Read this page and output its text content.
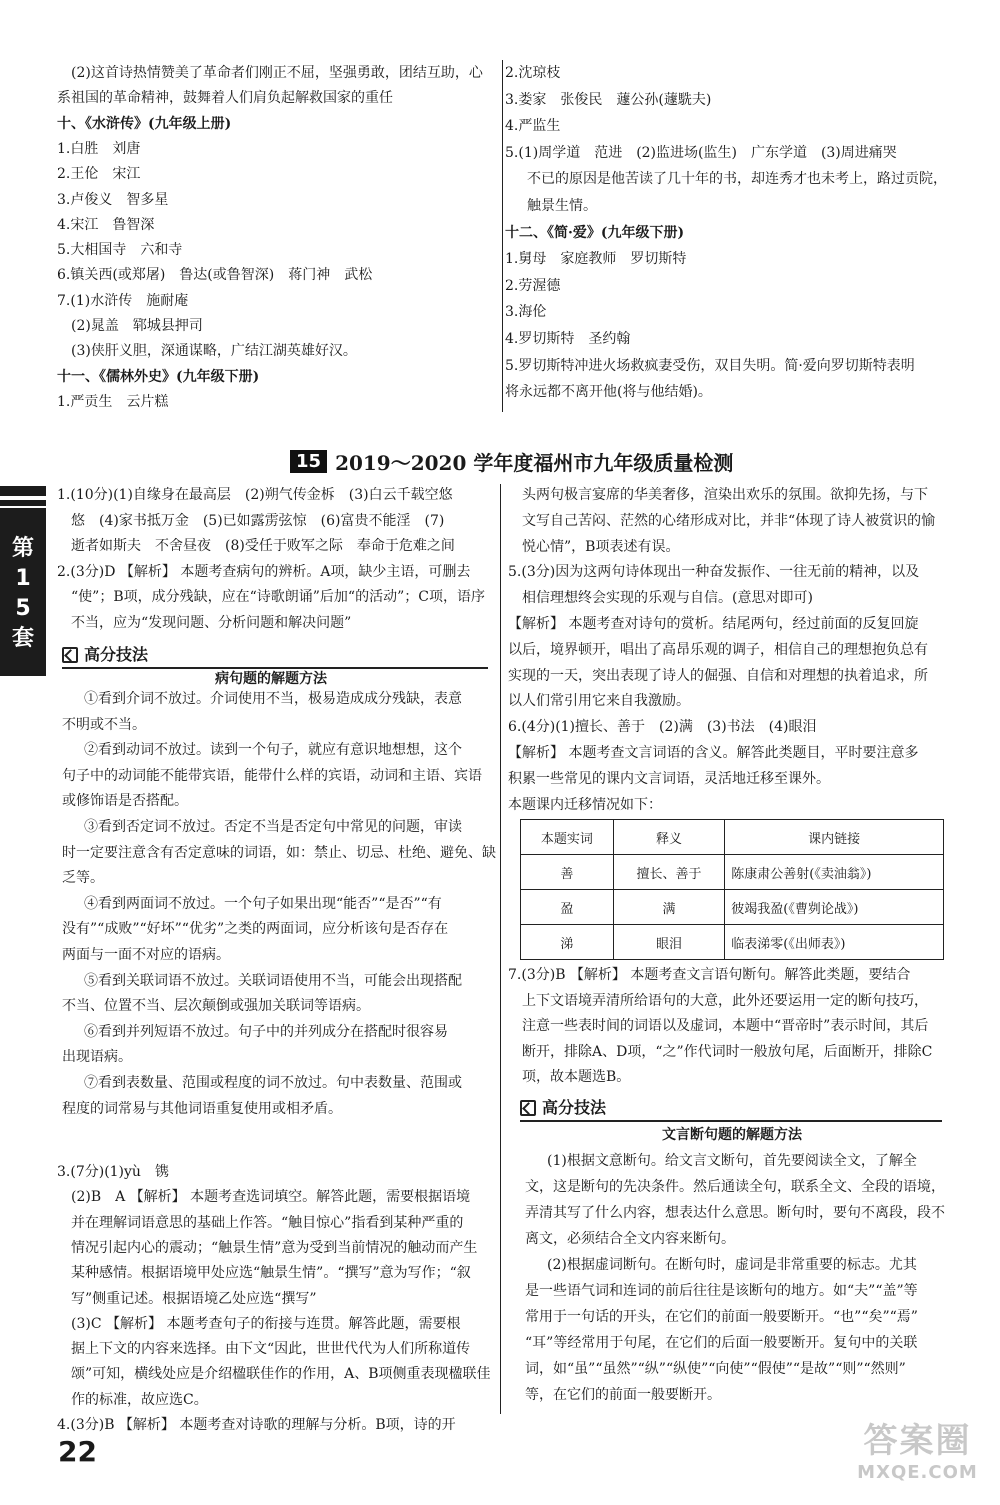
(2)这首诗热情赞美了革命者们刚正不屈，坚强勇敢，团结互助，心
系祖国的革命精神，鼓舞着人们肩负起解救国家的重任
十、《水浒传》(九年级上册)
1.白胜　刘唐
2.王伦　宋江
3.卢俊义　智多星
4.宋江　鲁智深
5.大相国寺　六和寺
6.镇关西(或郑屠)　鲁达(或鲁智深)　蒋门神　武松
7.(1)水浒传　施耐庵
(2)晁盖　郓城县押司
(3)侠肝义胆，深通谋略，广结江湖英雄好汉。
十一、《儒林外史》(九年级下册)
1.严贡生　云片糕
2.沈琼枝
3.娄家　张俊民　蘧公孙(蘧駪夫)
4.严监生
5.(1)周学道　范进　(2)监进场(监生)　广东学道　(3)周进痛哭
不已的原因是他苦读了几十年的书，却连秀才也未考上，路过贡院，
触景生情。
十二、《简·爱》(九年级下册)
1.舅母　家庭教师　罗切斯特
2.劳渥德
3.海伦
4.罗切斯特　圣约翰
5.罗切斯特冲进火场救疯妻受伤，双目失明。简·爱向罗切斯特表明
将永远都不离开他(将与他结婚)。
15 2019～2020 学年度福州市九年级质量检测
第15套
1.(10分)(1)自缘身在最高层　(2)朔气传金柝　(3)白云千载空悠
悠　(4)家书抵万金　(5)已如露雳弦惊　(6)富贵不能淫　(7)
逝者如斯夫　不舍昼夜　(8)受任于败军之际　奉命于危难之间
2.(3分)D 【解析】 本题考查病句的辨析。A项，缺少主语，可删去
“使”；B项，成分残缺，应在“诗歌朗诵”后加“的活动”；C项，语序
不当，应为“发现问题、分析问题和解决问题”
高分技法
病句题的解题方法
①看到介词不放过。介词使用不当，极易造成成分残缺，表意
不明或不当。
②看到动词不放过。读到一个句子，就应有意识地想想，这个
句子中的动词能不能带宾语，能带什么样的宾语，动词和主语、宾语
或修饰语是否搭配。
③看到否定词不放过。否定不当是否定句中常见的问题，审读
时一定要注意含有否定意味的词语，如：禁止、切忌、杜绝、避免、缺
乏等。
④看到两面词不放过。一个句子如果出现“能否”“是否”“有
没有”“成败”“好坏”“优劣”之类的两面词，应分析该句是否存在
两面与一面不对应的语病。
⑤看到关联词语不放过。关联词语使用不当，可能会出现搭配
不当、位置不当、层次颠倒或强加关联词等语病。
⑥看到并列短语不放过。句子中的并列成分在搭配时很容易
出现语病。
⑦看到表数量、范围或程度的词不放过。句中表数量、范围或
程度的词常易与其他词语重复使用或相矛盾。
3.(7分)(1)yù　镌
(2)B　A 【解析】 本题考查选词填空。解答此题，需要根据语境
并在理解词语意思的基础上作答。“触目惊心”指看到某种严重的
情况引起内心的震动；“触景生情”意为受到当前情况的触动而产生
某种感情。根据语境甲处应选“触景生情”。“撰写”意为写作；“叙
写”侧重记述。根据语境乙处应选“撰写”
(3)C 【解析】 本题考查句子的衔接与连贯。解答此题，需要根
据上下文的内容来选择。由下文“因此，世世代代为人们所称道传
颂”可知，横线处应是介绍楹联佳作的作用，A、B项侧重表现楹联佳
作的标准，故应选C。
4.(3分)B 【解析】 本题考查对诗歌的理解与分析。B项，诗的开
头两句极言宴席的华美奢侈，渲染出欢乐的氛围。欲抑先扬，与下
文写自己苦闷、茫然的心绪形成对比，并非“体现了诗人被赏识的愉
悦心情”，B项表述有误。
5.(3分)因为这两句诗体现出一种奋发振作、一往无前的精神，以及
相信理想终会实现的乐观与自信。(意思对即可)
【解析】 本题考查对诗句的赏析。结尾两句，经过前面的反复回旋
以后，境界顿开，唱出了高昂乐观的调子，相信自己的理想抱负总有
实现的一天，突出表现了诗人的倔强、自信和对理想的执着追求，所
以人们常引用它来自我激励。
6.(4分)(1)擅长、善于　(2)满　(3)书法　(4)眼泪
【解析】 本题考查文言词语的含义。解答此类题目，平时要注意多
积累一些常见的课内文言词语，灵活地迁移至课外。
本题课内迁移情况如下：
本题实词	释义	课内链接
善	擅长、善于	陈康肃公善射(《卖油翁》)
盈	满	彼竭我盈(《曹刿论战》)
涕	眼泪	临表涕零(《出师表》)
7.(3分)B 【解析】 本题考查文言语句断句。解答此类题，要结合
上下文语境弄清所给语句的大意，此外还要运用一定的断句技巧，
注意一些表时间的词语以及虚词，本题中“晋帝时”表示时间，其后
断开，排除A、D项，“之”作代词时一般放句尾，后面断开，排除C
项，故本题选B。
高分技法
文言断句题的解题方法
(1)根据文意断句。给文言文断句，首先要阅读全文，了解全
文，这是断句的先决条件。然后通读全句，联系全文、全段的语境，
弄清其写了什么内容，想表达什么意思。断句时，要句不离段，段不
离文，必须结合全文内容来断句。
(2)根据虚词断句。在断句时，虚词是非常重要的标志。尤其
是一些语气词和连词的前后往往是该断句的地方。如“夫”“盖”等
常用于一句话的开头，在它们的前面一般要断开。“也”“矣”“焉”
“耳”等经常用于句尾，在它们的后面一般要断开。复句中的关联
词，如“虽”“虽然”“纵”“纵使”“向使”“假使”“是故”“则”“然则”
等，在它们的前面一般要断开。
22	答案圈
MXQE.COM
